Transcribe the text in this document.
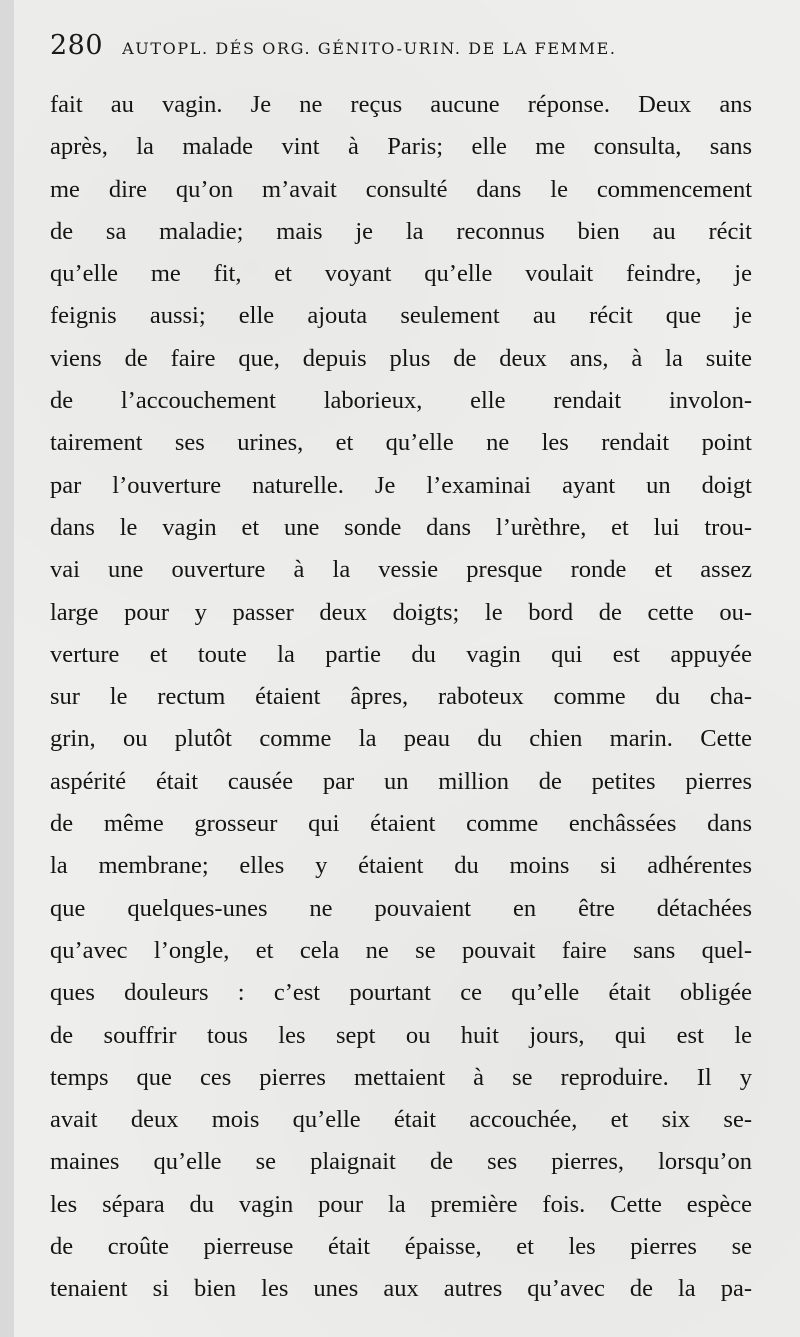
280 AUTOPL. DÉS ORG. GÉNITO-URIN. DE LA FEMME.
fait au vagin. Je ne reçus aucune réponse. Deux ans
après, la malade vint à Paris; elle me consulta, sans
me dire qu’on m’avait consulté dans le commencement
de sa maladie; mais je la reconnus bien au récit
qu’elle me fit, et voyant qu’elle voulait feindre, je
feignis aussi; elle ajouta seulement au récit que je
viens de faire que, depuis plus de deux ans, à la suite
de l’accouchement laborieux, elle rendait involon-
tairement ses urines, et qu’elle ne les rendait point
par l’ouverture naturelle. Je l’examinai ayant un doigt
dans le vagin et une sonde dans l’urèthre, et lui trou-
vai une ouverture à la vessie presque ronde et assez
large pour y passer deux doigts; le bord de cette ou-
verture et toute la partie du vagin qui est appuyée
sur le rectum étaient âpres, raboteux comme du cha-
grin, ou plutôt comme la peau du chien marin. Cette
aspérité était causée par un million de petites pierres
de même grosseur qui étaient comme enchâssées dans
la membrane; elles y étaient du moins si adhérentes
que quelques-unes ne pouvaient en être détachées
qu’avec l’ongle, et cela ne se pouvait faire sans quel-
ques douleurs : c’est pourtant ce qu’elle était obligée
de souffrir tous les sept ou huit jours, qui est le
temps que ces pierres mettaient à se reproduire. Il y
avait deux mois qu’elle était accouchée, et six se-
maines qu’elle se plaignait de ses pierres, lorsqu’on
les sépara du vagin pour la première fois. Cette espèce
de croûte pierreuse était épaisse, et les pierres se
tenaient si bien les unes aux autres qu’avec de la pa-
